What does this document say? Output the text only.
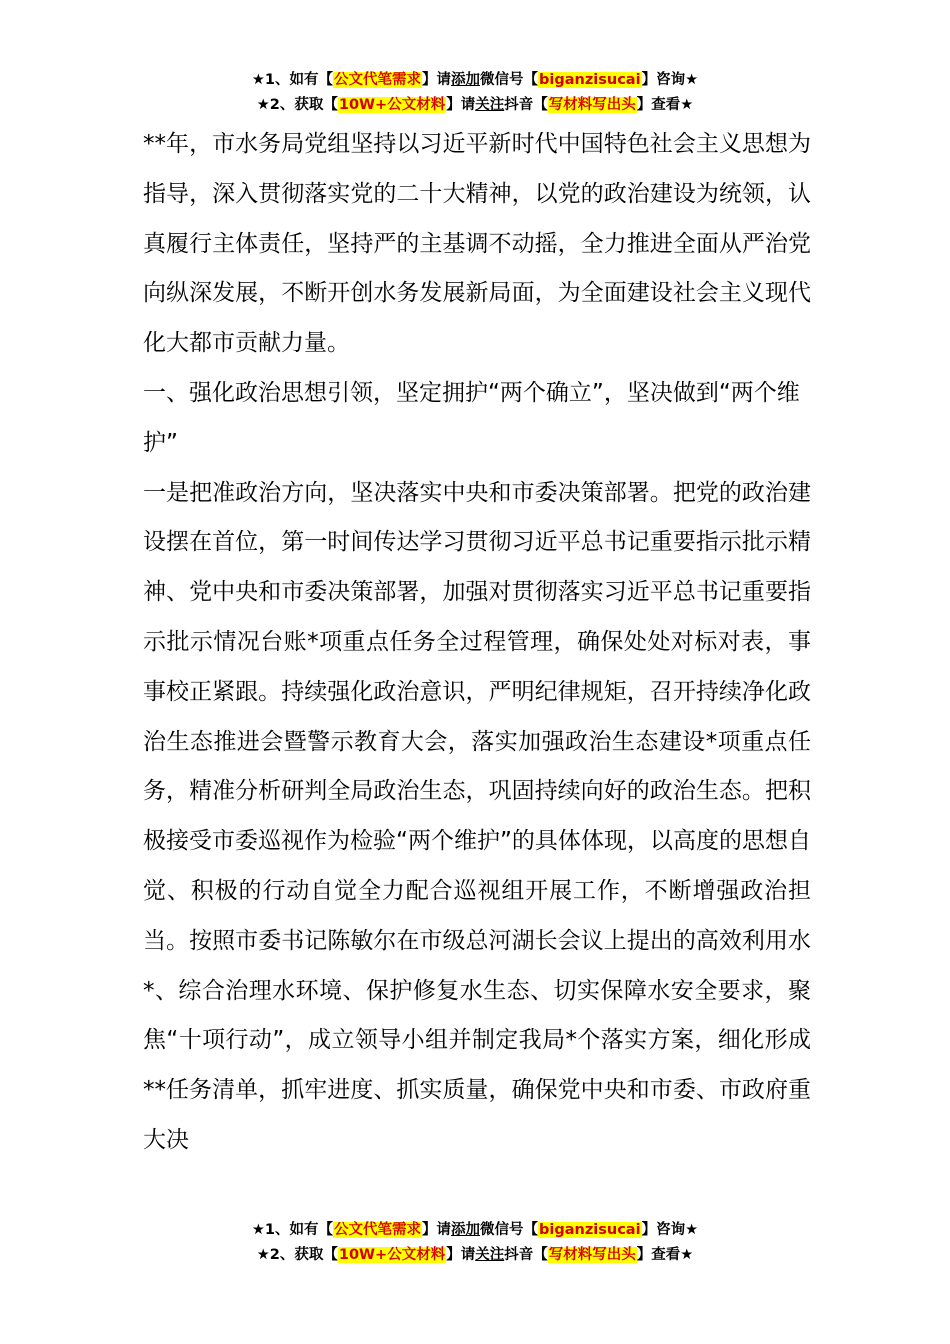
★1、如有【公文代笔需求】请添加微信号【biganzisucai】咨询★
★2、获取【10W+公文材料】请关注抖音【写材料写出头】查看★

**年，市水务局党组坚持以习近平新时代中国特色社会主义思想为指导，深入贯彻落实党的二十大精神，以党的政治建设为统领，认真履行主体责任，坚持严的主基调不动摇，全力推进全面从严治党向纵深发展，不断开创水务发展新局面，为全面建设社会主义现代化大都市贡献力量。

一、强化政治思想引领，坚定拥护“两个确立”，坚决做到“两个维护”

一是把准政治方向，坚决落实中央和市委决策部署。把党的政治建设摆在首位，第一时间传达学习贯彻习近平总书记重要指示批示精神、党中央和市委决策部署，加强对贯彻落实习近平总书记重要指示批示情况台账*项重点任务全过程管理，确保处处对标对表，事事校正紧跟。持续强化政治意识，严明纪律规矩，召开持续净化政治生态推进会暨警示教育大会，落实加强政治生态建设*项重点任务，精准分析研判全局政治生态，巩固持续向好的政治生态。把积极接受市委巡视作为检验“两个维护”的具体体现，以高度的思想自觉、积极的行动自觉全力配合巡视组开展工作，不断增强政治担当。按照市委书记陈敏尔在市级总河湖长会议上提出的高效利用水*、综合治理水环境、保护修复水生态、切实保障水安全要求，聚焦“十项行动”，成立领导小组并制定我局*个落实方案，细化形成**任务清单，抓牢进度、抓实质量，确保党中央和市委、市政府重大决

★1、如有【公文代笔需求】请添加微信号【biganzisucai】咨询★
★2、获取【10W+公文材料】请关注抖音【写材料写出头】查看★
